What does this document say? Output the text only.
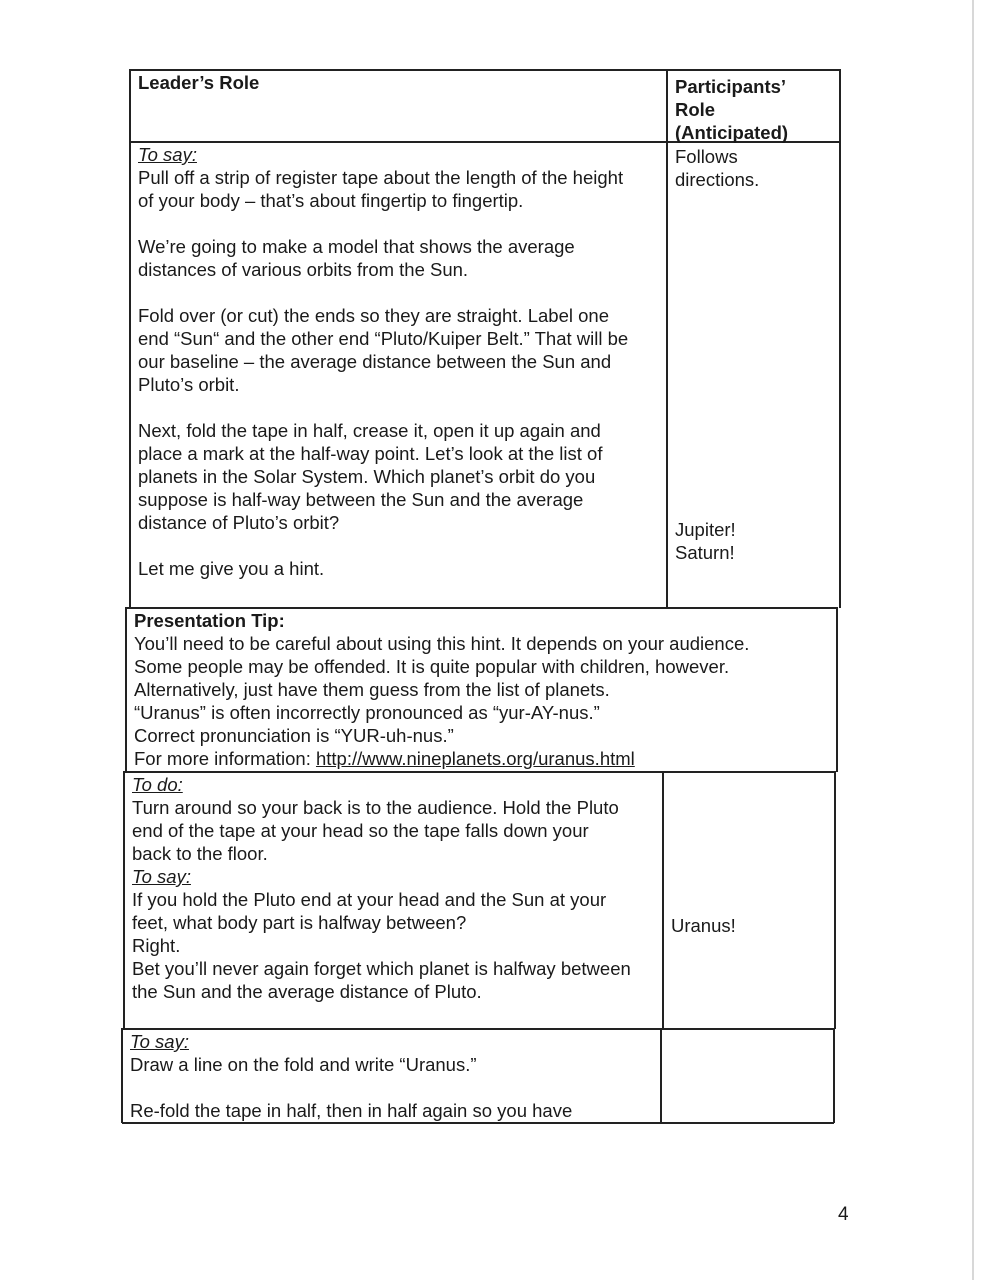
Leader’s Role	Participants’
Role
(Anticipated)
To say:
Pull off a strip of register tape about the length of the height
of your body – that’s about fingertip to fingertip.
We’re going to make a model that shows the average
distances of various orbits from the Sun.
Fold over (or cut) the ends so they are straight. Label one
end “Sun“ and the other end “Pluto/Kuiper Belt.” That will be
our baseline – the average distance between the Sun and
Pluto’s orbit.
Next, fold the tape in half, crease it, open it up again and
place a mark at the half-way point. Let’s look at the list of
planets in the Solar System. Which planet’s orbit do you
suppose is half-way between the Sun and the average
distance of Pluto’s orbit?
Let me give you a hint.
Follows
directions.
Jupiter!
Saturn!
Presentation Tip:
You’ll need to be careful about using this hint. It depends on your audience.
Some people may be offended. It is quite popular with children, however.
Alternatively, just have them guess from the list of planets.
“Uranus” is often incorrectly pronounced as “yur-AY-nus.”
Correct pronunciation is “YUR-uh-nus.”
For more information: http://www.nineplanets.org/uranus.html
To do:
Turn around so your back is to the audience. Hold the Pluto
end of the tape at your head so the tape falls down your
back to the floor.
To say:
If you hold the Pluto end at your head and the Sun at your
feet, what body part is halfway between?
Right.
Bet you’ll never again forget which planet is halfway between
the Sun and the average distance of Pluto.
Uranus!
To say:
Draw a line on the fold and write “Uranus.”
Re-fold the tape in half, then in half again so you have
4
